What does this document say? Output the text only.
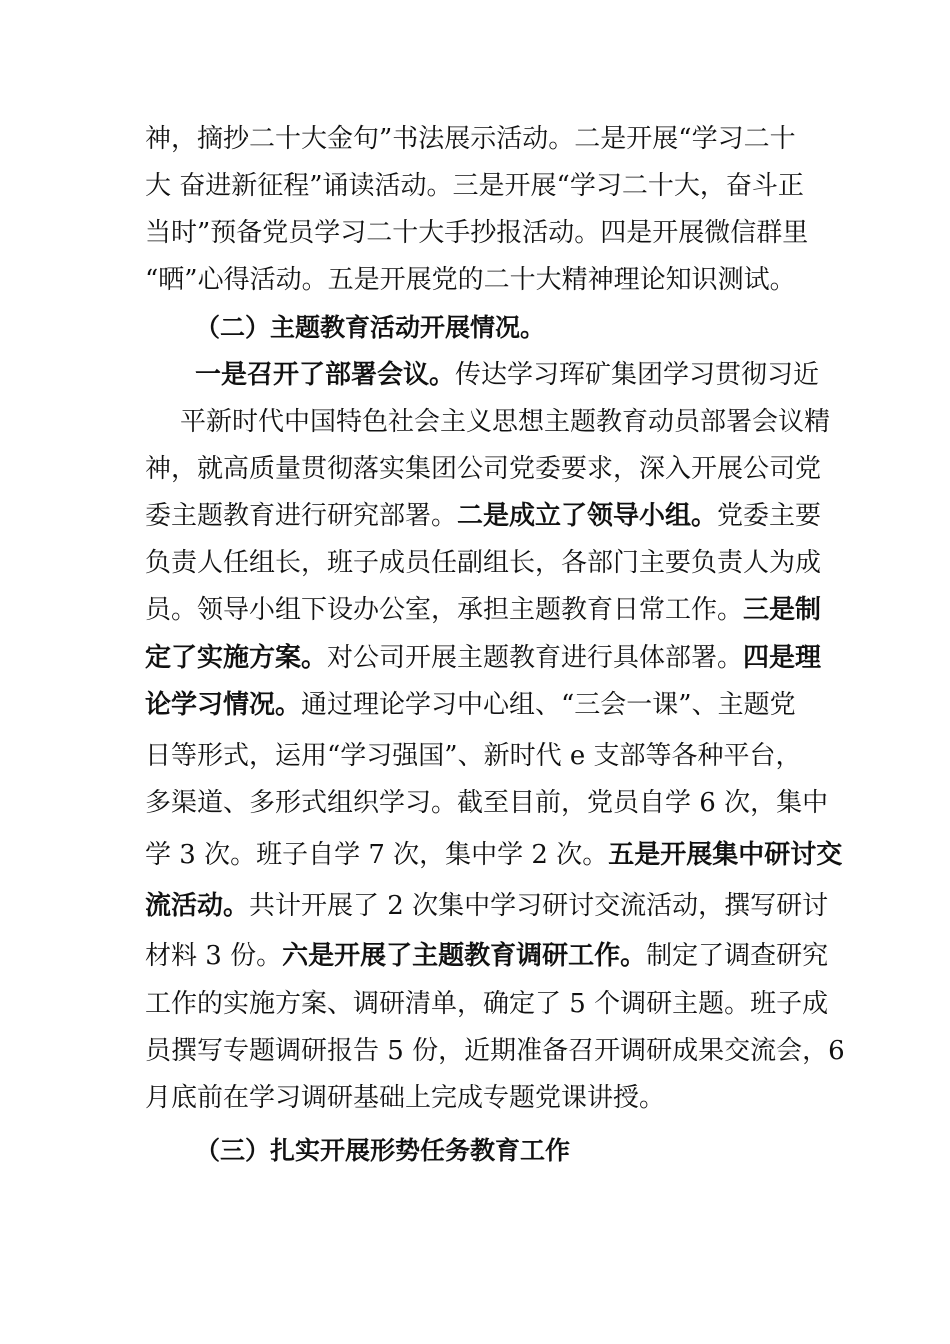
神，摘抄二十大金句”书法展示活动。二是开展“学习二十
大 奋进新征程”诵读活动。三是开展“学习二十大，奋斗正
当时”预备党员学习二十大手抄报活动。四是开展微信群里
“晒”心得活动。五是开展党的二十大精神理论知识测试。
（二）主题教育活动开展情况。
一是召开了部署会议。传达学习珲矿集团学习贯彻习近
平新时代中国特色社会主义思想主题教育动员部署会议精
神，就高质量贯彻落实集团公司党委要求，深入开展公司党
委主题教育进行研究部署。二是成立了领导小组。党委主要
负责人任组长，班子成员任副组长，各部门主要负责人为成
员。领导小组下设办公室，承担主题教育日常工作。三是制
定了实施方案。对公司开展主题教育进行具体部署。四是理
论学习情况。通过理论学习中心组、“三会一课”、主题党
日等形式，运用“学习强国”、新时代 e 支部等各种平台，
多渠道、多形式组织学习。截至目前，党员自学 6 次，集中
学 3 次。班子自学 7 次，集中学 2 次。五是开展集中研讨交
流活动。共计开展了 2 次集中学习研讨交流活动，撰写研讨
材料 3 份。六是开展了主题教育调研工作。制定了调查研究
工作的实施方案、调研清单，确定了 5 个调研主题。班子成
员撰写专题调研报告 5 份，近期准备召开调研成果交流会，6
月底前在学习调研基础上完成专题党课讲授。
（三）扎实开展形势任务教育工作
